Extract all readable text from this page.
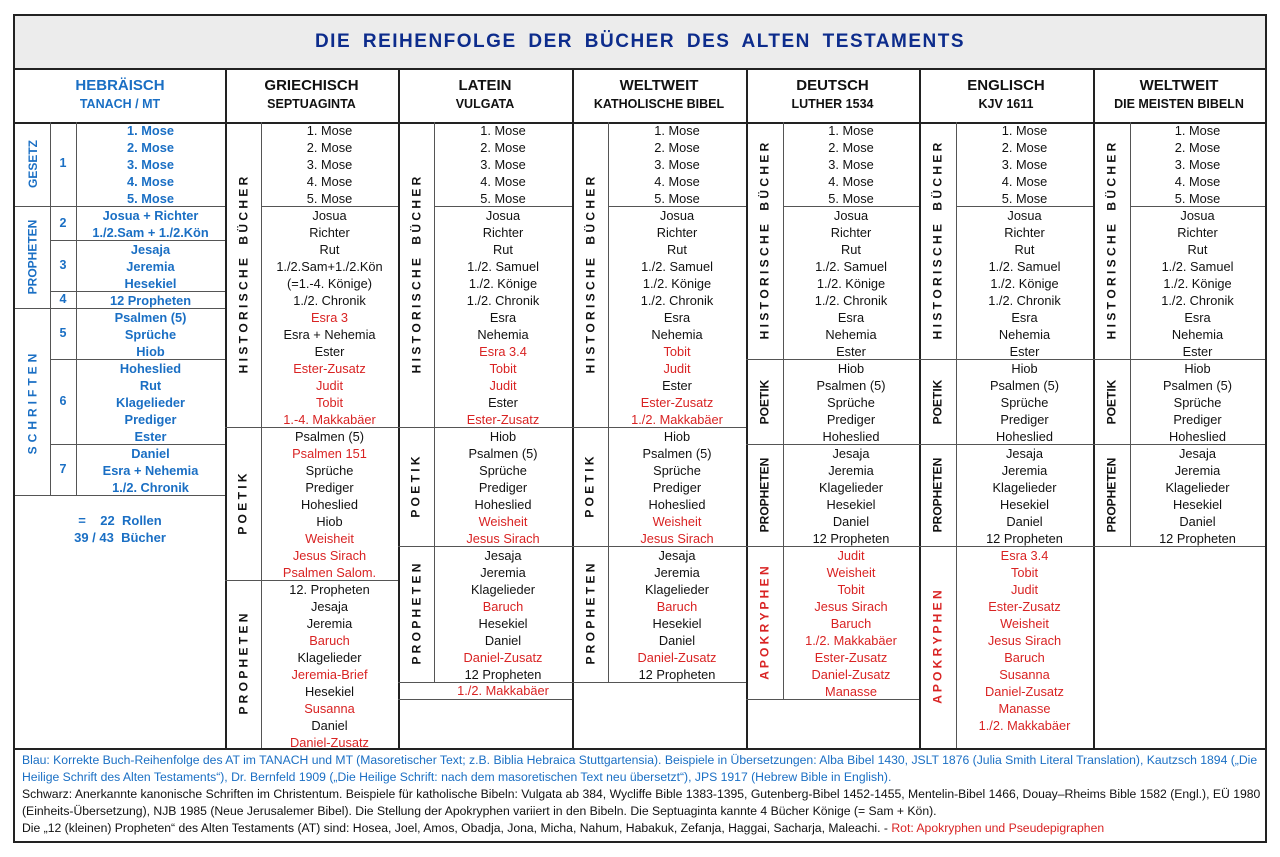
DIE REIHENFOLGE DER BÜCHER DES ALTEN TESTAMENTS
HEBRÄISCH
TANACH / MT
GRIECHISCH
SEPTUAGINTA
LATEIN
VULGATA
WELTWEIT
KATHOLISCHE BIBEL
DEUTSCH
LUTHER 1534
ENGLISCH
KJV 1611
WELTWEIT
DIE MEISTEN BIBELN
GESETZ
PROPHETEN
SCHRIFTEN
1
2
3
4
5
6
7
1. Mose
2. Mose
3. Mose
4. Mose
5. Mose
Josua + Richter
1./2.Sam + 1./2.Kön
Jesaja
Jeremia
Hesekiel
12 Propheten
Psalmen (5)
Sprüche
Hiob
Hoheslied
Rut
Klagelieder
Prediger
Ester
Daniel
Esra + Nehemia
1./2. Chronik
=    22  Rollen
39 / 43  Bücher
H I S T O R I S C H E    B Ü C H E R
P O E T I K
P R O P H E T E N
1. Mose
2. Mose
3. Mose
4. Mose
5. Mose
Josua
Richter
Rut
1./2.Sam+1./2.Kön
(=1.-4. Könige)
1./2. Chronik
Esra 3
Esra + Nehemia
Ester
Ester-Zusatz
Judit
Tobit
1.-4. Makkabäer
Psalmen (5)
Psalmen 151
Sprüche
Prediger
Hoheslied
Hiob
Weisheit
Jesus Sirach
Psalmen Salom.
12. Propheten
Jesaja
Jeremia
Baruch
Klagelieder
Jeremia-Brief
Hesekiel
Susanna
Daniel
Daniel-Zusatz
H I S T O R I S C H E    B Ü C H E R
P O E T I K
P R O P H E T E N
1. Mose
2. Mose
3. Mose
4. Mose
5. Mose
Josua
Richter
Rut
1./2. Samuel
1./2. Könige
1./2. Chronik
Esra
Nehemia
Esra 3.4
Tobit
Judit
Ester
Ester-Zusatz
Hiob
Psalmen (5)
Sprüche
Prediger
Hoheslied
Weisheit
Jesus Sirach
Jesaja
Jeremia
Klagelieder
Baruch
Hesekiel
Daniel
Daniel-Zusatz
12 Propheten
1./2. Makkabäer
H I S T O R I S C H E    B Ü C H E R
P O E T I K
P R O P H E T E N
1. Mose
2. Mose
3. Mose
4. Mose
5. Mose
Josua
Richter
Rut
1./2. Samuel
1./2. Könige
1./2. Chronik
Esra
Nehemia
Tobit
Judit
Ester
Ester-Zusatz
1./2. Makkabäer
Hiob
Psalmen (5)
Sprüche
Prediger
Hoheslied
Weisheit
Jesus Sirach
Jesaja
Jeremia
Klagelieder
Baruch
Hesekiel
Daniel
Daniel-Zusatz
12 Propheten
H I S T O R I S C H E    B Ü C H E R
POETIK
PROPHETEN
A P O K R Y P H E N
1. Mose
2. Mose
3. Mose
4. Mose
5. Mose
Josua
Richter
Rut
1./2. Samuel
1./2. Könige
1./2. Chronik
Esra
Nehemia
Ester
Hiob
Psalmen (5)
Sprüche
Prediger
Hoheslied
Jesaja
Jeremia
Klagelieder
Hesekiel
Daniel
12 Propheten
Judit
Weisheit
Tobit
Jesus Sirach
Baruch
1./2. Makkabäer
Ester-Zusatz
Daniel-Zusatz
Manasse
H I S T O R I S C H E    B Ü C H E R
POETIK
PROPHETEN
A P O K R Y P H E N
1. Mose
2. Mose
3. Mose
4. Mose
5. Mose
Josua
Richter
Rut
1./2. Samuel
1./2. Könige
1./2. Chronik
Esra
Nehemia
Ester
Hiob
Psalmen (5)
Sprüche
Prediger
Hoheslied
Jesaja
Jeremia
Klagelieder
Hesekiel
Daniel
12 Propheten
Esra 3.4
Tobit
Judit
Ester-Zusatz
Weisheit
Jesus Sirach
Baruch
Susanna
Daniel-Zusatz
Manasse
1./2. Makkabäer
H I S T O R I S C H E    B Ü C H E R
POETIK
PROPHETEN
1. Mose
2. Mose
3. Mose
4. Mose
5. Mose
Josua
Richter
Rut
1./2. Samuel
1./2. Könige
1./2. Chronik
Esra
Nehemia
Ester
Hiob
Psalmen (5)
Sprüche
Prediger
Hoheslied
Jesaja
Jeremia
Klagelieder
Hesekiel
Daniel
12 Propheten

Blau: Korrekte Buch-Reihenfolge des AT im TANACH und MT (Masoretischer Text; z.B. Biblia Hebraica Stuttgartensia). Beispiele in Übersetzungen: Alba Bibel 1430, JSLT 1876 (Julia Smith Literal Translation), Kautzsch 1894 („Die Heilige Schrift des Alten Testaments“), Dr. Bernfeld 1909 („Die Heilige Schrift: nach dem masoretischen Text neu übersetzt“), JPS 1917 (Hebrew Bible in English).

Schwarz: Anerkannte kanonische Schriften im Christentum. Beispiele für katholische Bibeln: Vulgata ab 384, Wycliffe Bible 1383-1395, Gutenberg-Bibel 1452-1455, Mentelin-Bibel 1466, Douay–Rheims Bible 1582 (Engl.), EÜ 1980 (Einheits-Übersetzung), NJB 1985 (Neue Jerusalemer Bibel). Die Stellung der Apokryphen variiert in den Bibeln. Die Septuaginta kannte 4 Bücher Könige (= Sam + Kön).

Die „12 (kleinen) Propheten“ des Alten Testaments (AT) sind: Hosea, Joel, Amos, Obadja, Jona, Micha, Nahum, Habakuk, Zefanja, Haggai, Sacharja, Maleachi. - Rot: Apokryphen und Pseudepigraphen
